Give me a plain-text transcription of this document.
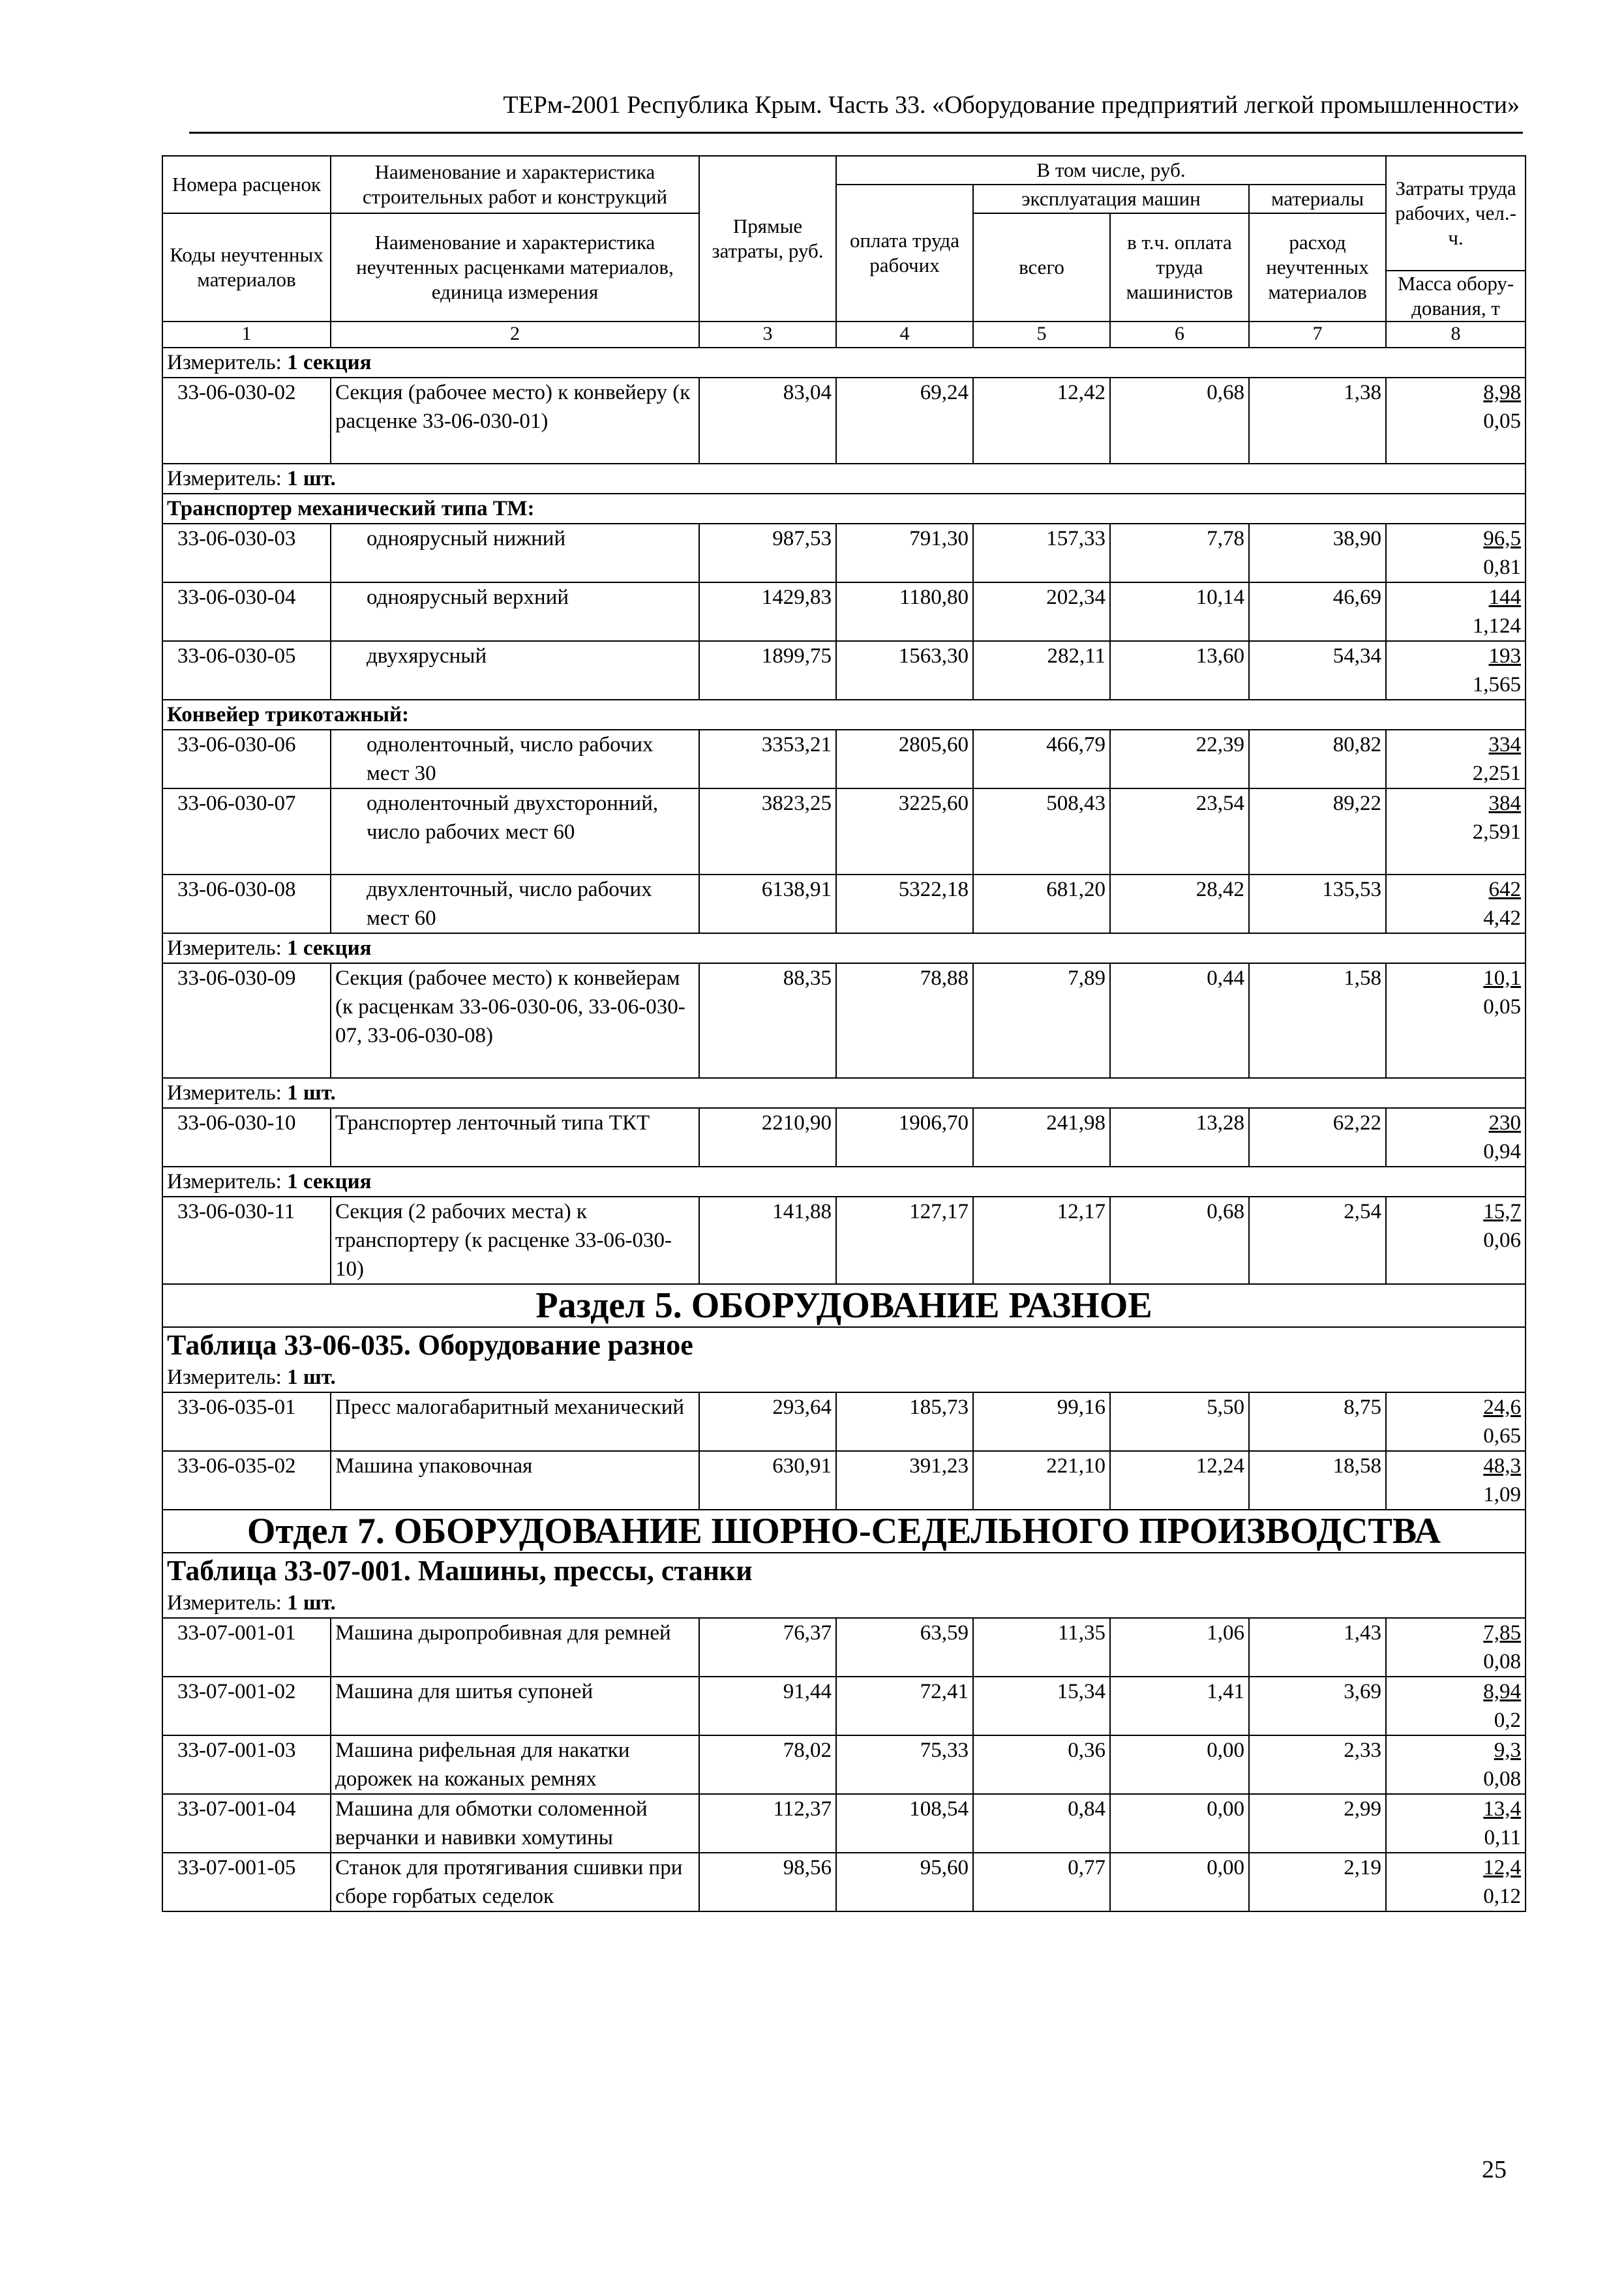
ТЕРм-2001 Республика Крым. Часть 33. «Оборудование предприятий легкой промышленности»
Номера расценок	Наименование и характеристика строительных работ и конструкций	Прямые затраты, руб.	В том числе, руб.				Затраты труда рабочих, чел.-ч.
			оплата труда рабочих	эксплуатация машин		материалы	
Коды неучтенных материалов	Наименование и характеристика неучтенных расценками материалов, единица измерения			всего	в т.ч. оплата труда машинистов	расход неучтенных материалов	
							Масса обору-дования, т
1	2	3	4	5	6	7	8
Измеритель: 1 секция							
33-06-030-02	Секция (рабочее место) к конвейеру (к расценке 33-06-030-01)	83,04	69,24	12,42	0,68	1,38	8,98
0,05

Измеритель: 1 шт.							
Транспортер механический типа ТМ:							
33-06-030-03	одноярусный нижний	987,53	791,30	157,33	7,78	38,90	96,5
0,81

33-06-030-04	одноярусный верхний	1429,83	1180,80	202,34	10,14	46,69	144
1,124

33-06-030-05	двухярусный	1899,75	1563,30	282,11	13,60	54,34	193
1,565

Конвейер трикотажный:							
33-06-030-06	одноленточный, число рабочих мест 30	3353,21	2805,60	466,79	22,39	80,82	334
2,251

33-06-030-07	одноленточный двухсторонний, число рабочих мест 60	3823,25	3225,60	508,43	23,54	89,22	384
2,591

33-06-030-08	двухленточный, число рабочих мест 60	6138,91	5322,18	681,20	28,42	135,53	642
4,42

Измеритель: 1 секция							
33-06-030-09	Секция (рабочее место) к конвейерам (к расценкам 33-06-030-06, 33-06-030-07, 33-06-030-08)	88,35	78,88	7,89	0,44	1,58	10,1
0,05

Измеритель: 1 шт.							
33-06-030-10	Транспортер ленточный типа ТКТ	2210,90	1906,70	241,98	13,28	62,22	230
0,94

Измеритель: 1 секция							
33-06-030-11	Секция (2 рабочих места) к транспортеру (к расценке 33-06-030-10)	141,88	127,17	12,17	0,68	2,54	15,7
0,06

Раздел 5. ОБОРУДОВАНИЕ РАЗНОЕ							
Таблица 33-06-035. Оборудование разное							
Измеритель: 1 шт.							
33-06-035-01	Пресс малогабаритный механический	293,64	185,73	99,16	5,50	8,75	24,6
0,65

33-06-035-02	Машина упаковочная	630,91	391,23	221,10	12,24	18,58	48,3
1,09

Отдел 7. ОБОРУДОВАНИЕ ШОРНО-СЕДЕЛЬНОГО ПРОИЗВОДСТВА							
Таблица 33-07-001. Машины, прессы, станки							
Измеритель: 1 шт.							
33-07-001-01	Машина дыропробивная для ремней	76,37	63,59	11,35	1,06	1,43	7,85
0,08

33-07-001-02	Машина для шитья супоней	91,44	72,41	15,34	1,41	3,69	8,94
0,2

33-07-001-03	Машина рифельная для накатки дорожек на кожаных ремнях	78,02	75,33	0,36	0,00	2,33	9,3
0,08

33-07-001-04	Машина для обмотки соломенной верчанки и навивки хомутины	112,37	108,54	0,84	0,00	2,99	13,4
0,11

33-07-001-05	Станок для протягивания сшивки при сборе горбатых седелок	98,56	95,60	0,77	0,00	2,19	12,4
0,12
25
